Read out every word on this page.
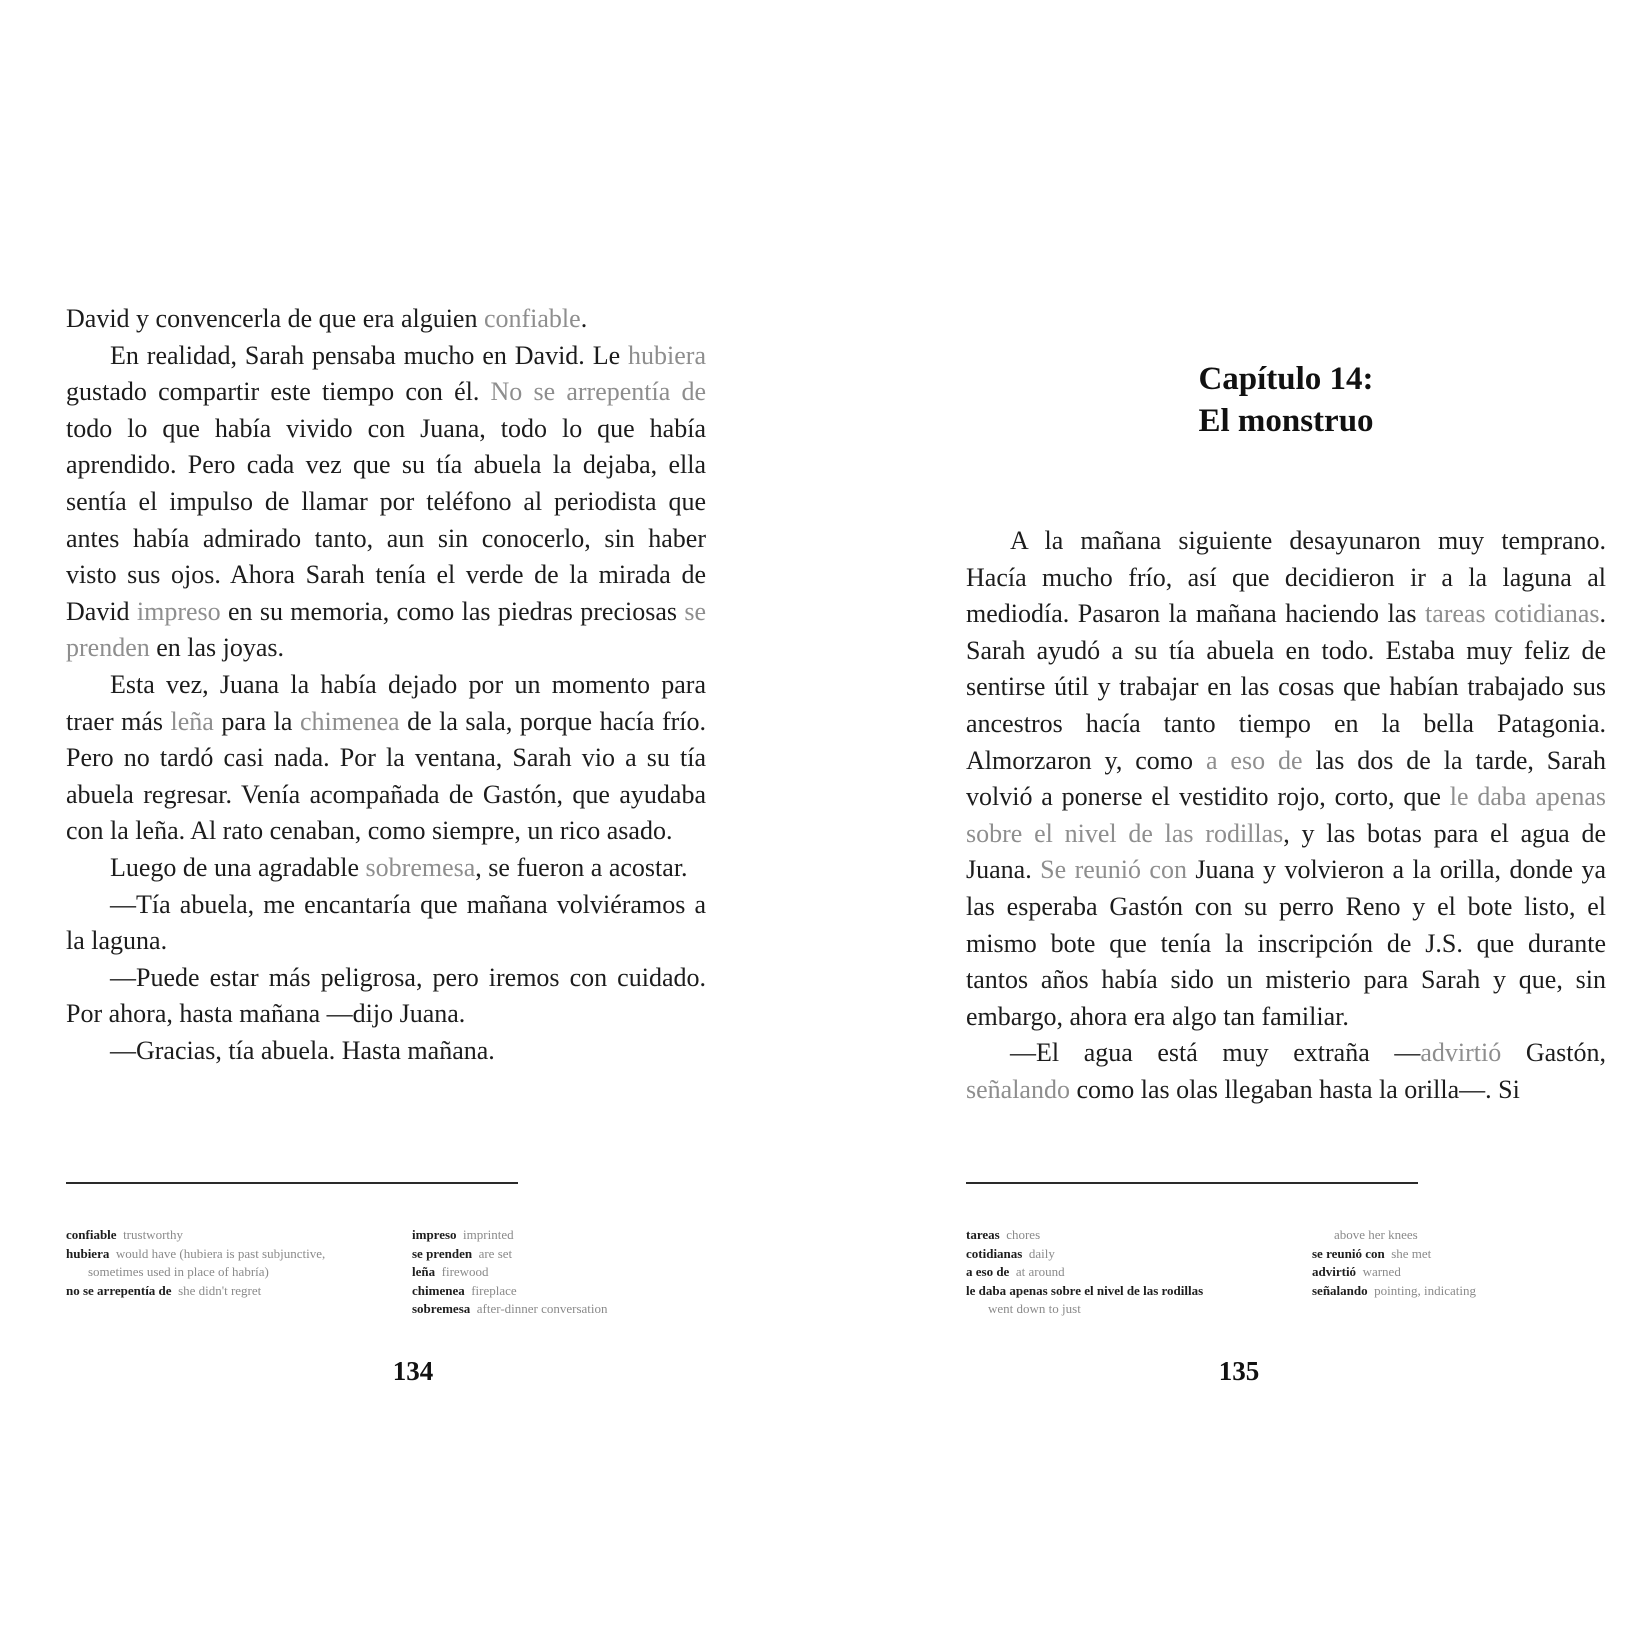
David y convencerla de que era alguien confiable.

En realidad, Sarah pensaba mucho en David. Le hubiera gustado compartir este tiempo con él. No se arrepentía de todo lo que había vivido con Juana, todo lo que había aprendido. Pero cada vez que su tía abuela la dejaba, ella sentía el impulso de llamar por teléfono al periodista que antes había admirado tanto, aun sin conocerlo, sin haber visto sus ojos. Ahora Sarah tenía el verde de la mirada de David impreso en su memoria, como las piedras preciosas se prenden en las joyas.

Esta vez, Juana la había dejado por un momento para traer más leña para la chimenea de la sala, porque hacía frío. Pero no tardó casi nada. Por la ventana, Sarah vio a su tía abuela regresar. Venía acompañada de Gastón, que ayudaba con la leña. Al rato cenaban, como siempre, un rico asado.

Luego de una agradable sobremesa, se fueron a acostar.

—Tía abuela, me encantaría que mañana volviéramos a la laguna.

—Puede estar más peligrosa, pero iremos con cuidado. Por ahora, hasta mañana —dijo Juana.

—Gracias, tía abuela. Hasta mañana.

confiable  trustworthy
hubiera  would have (hubiera is past subjunctive, sometimes used in place of habría)
no se arrepentía de  she didn't regret
impreso  imprinted
se prenden  are set
leña  firewood
chimenea  fireplace
sobremesa  after-dinner conversation
134
Capítulo 14:
El monstruo

A la mañana siguiente desayunaron muy temprano. Hacía mucho frío, así que decidieron ir a la laguna al mediodía. Pasaron la mañana haciendo las tareas cotidianas. Sarah ayudó a su tía abuela en todo. Estaba muy feliz de sentirse útil y trabajar en las cosas que habían trabajado sus ancestros hacía tanto tiempo en la bella Patagonia. Almorzaron y, como a eso de las dos de la tarde, Sarah volvió a ponerse el vestidito rojo, corto, que le daba apenas sobre el nivel de las rodillas, y las botas para el agua de Juana. Se reunió con Juana y volvieron a la orilla, donde ya las esperaba Gastón con su perro Reno y el bote listo, el mismo bote que tenía la inscripción de J.S. que durante tantos años había sido un misterio para Sarah y que, sin embargo, ahora era algo tan familiar.

—El agua está muy extraña —advirtió Gastón, señalando como las olas llegaban hasta la orilla—. Si

tareas  chores
cotidianas  daily
a eso de  at around
le daba apenas sobre el nivel de las rodillas went down to just
above her knees
se reunió con  she met
advirtió  warned
señalando  pointing, indicating
135
